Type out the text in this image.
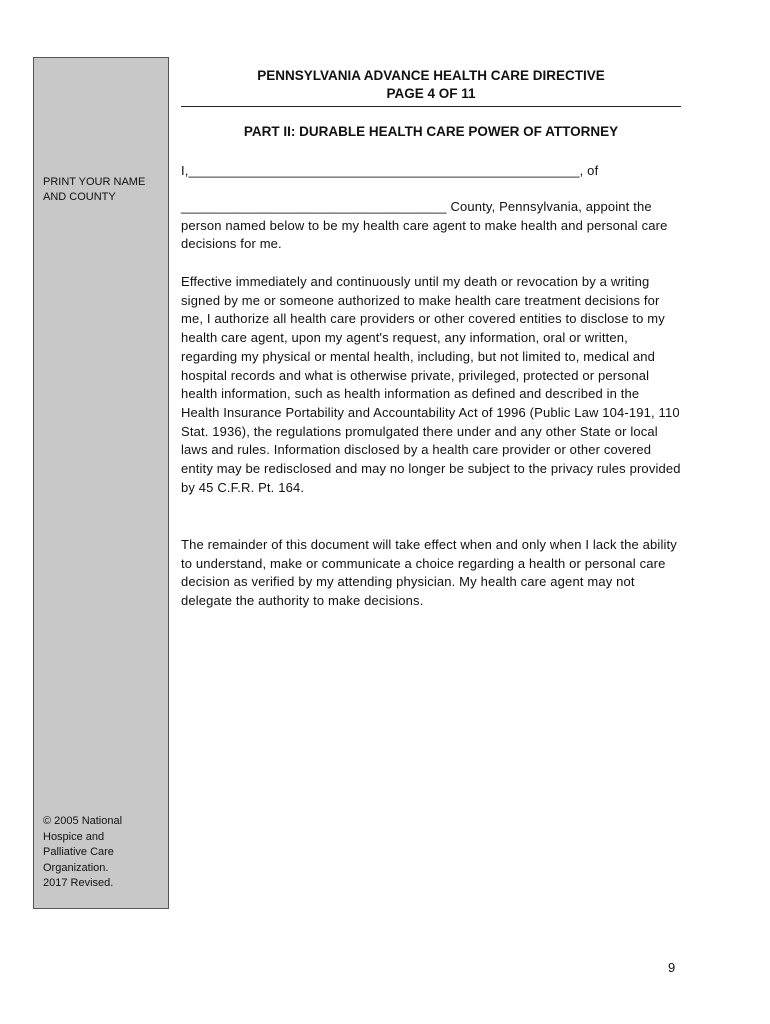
PRINT YOUR NAME
AND COUNTY
© 2005 National
Hospice and
Palliative Care
Organization.
2017 Revised.
PENNSYLVANIA ADVANCE HEALTH CARE DIRECTIVE
PAGE 4 OF 11
PART II: DURABLE HEALTH CARE POWER OF ATTORNEY
I,_____________________________________________________, of
____________________________________ County, Pennsylvania, appoint the person named below to be my health care agent to make health and personal care decisions for me.
Effective immediately and continuously until my death or revocation by a writing signed by me or someone authorized to make health care treatment decisions for me, I authorize all health care providers or other covered entities to disclose to my health care agent, upon my agent's request, any information, oral or written, regarding my physical or mental health, including, but not limited to, medical and hospital records and what is otherwise private, privileged, protected or personal health information, such as health information as defined and described in the Health Insurance Portability and Accountability Act of 1996 (Public Law 104-191, 110 Stat. 1936), the regulations promulgated there under and any other State or local laws and rules. Information disclosed by a health care provider or other covered entity may be redisclosed and may no longer be subject to the privacy rules provided by 45 C.F.R. Pt. 164.
The remainder of this document will take effect when and only when I lack the ability to understand, make or communicate a choice regarding a health or personal care decision as verified by my attending physician. My health care agent may not delegate the authority to make decisions.
9
